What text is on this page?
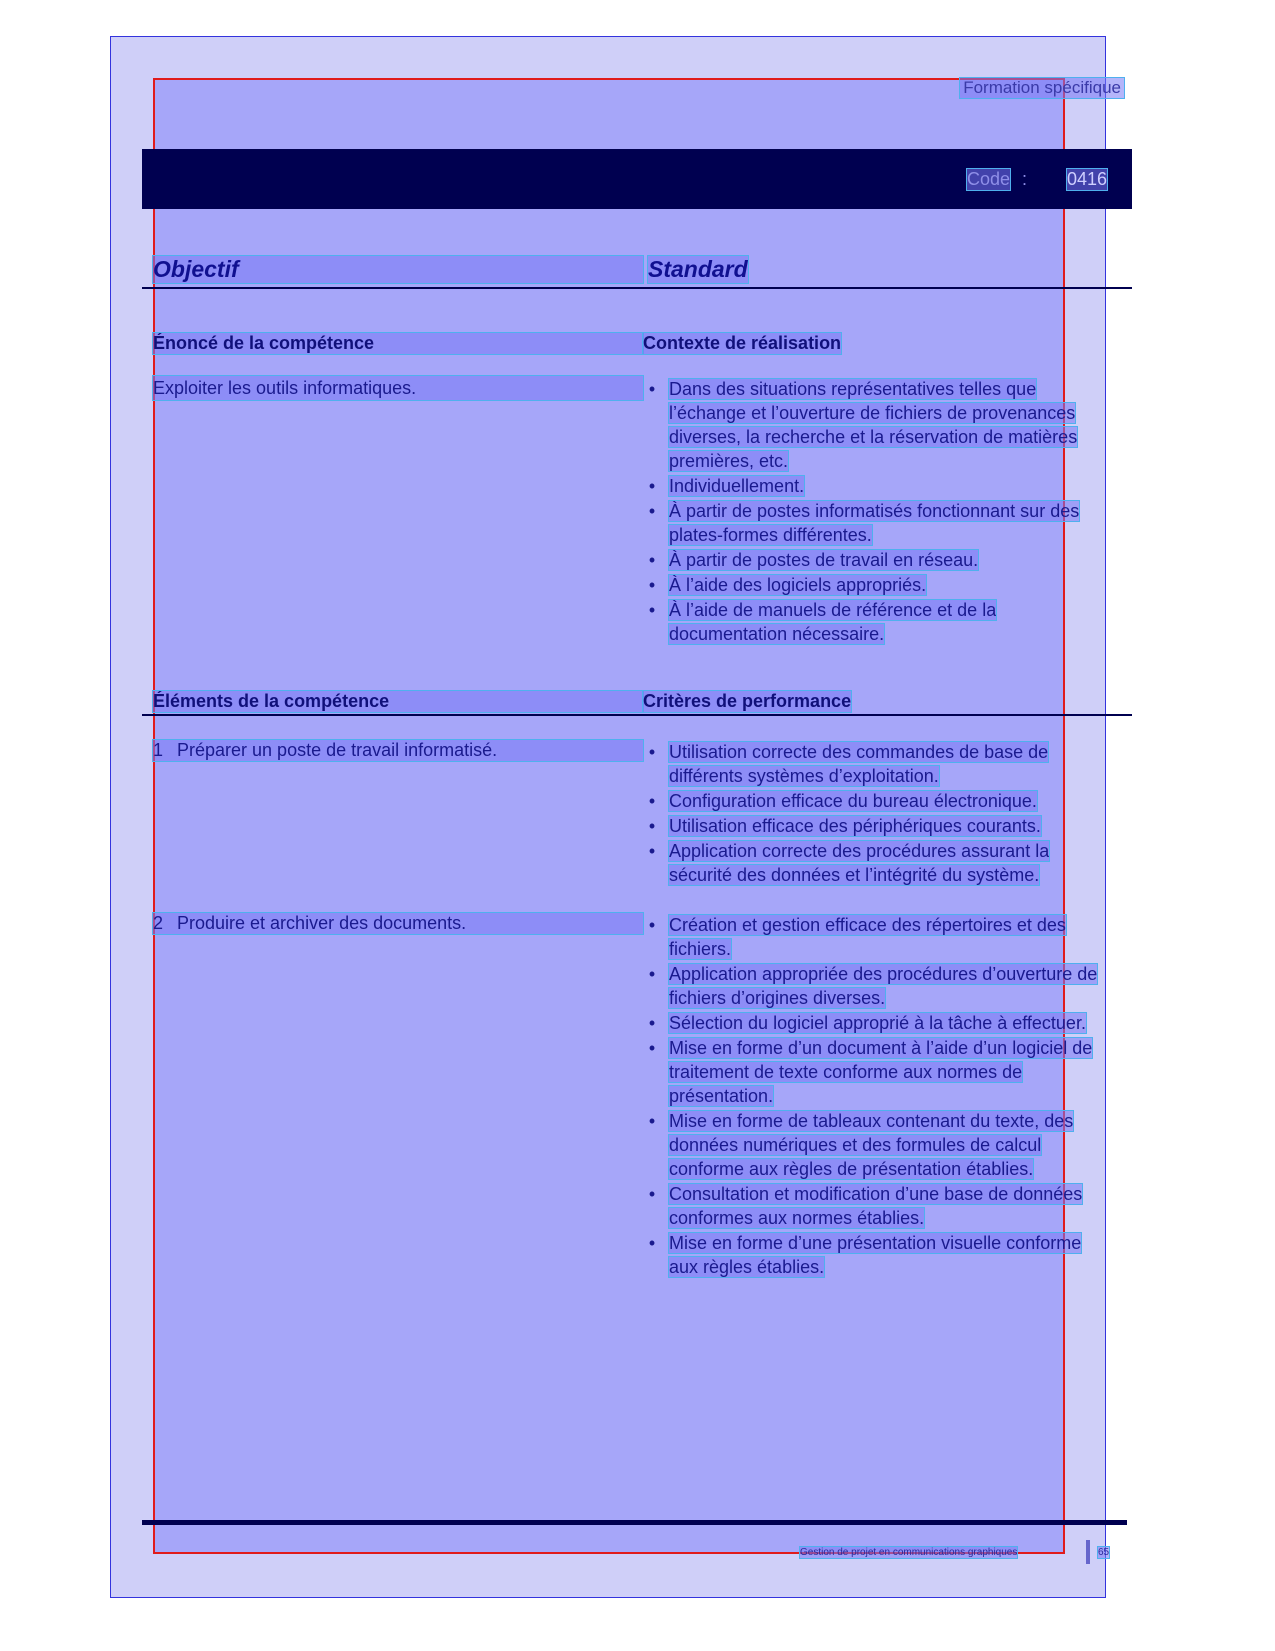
Formation spécifique
Code : 0416
Objectif	Standard
Énoncé de la compétence	Contexte de réalisation
Exploiter les outils informatiques.	• Dans des situations représentatives telles que l’échange et l’ouverture de fichiers de provenances diverses, la recherche et la réservation de matières premières, etc.
• Individuellement.
• À partir de postes informatisés fonctionnant sur des plates-formes différentes.
• À partir de postes de travail en réseau.
• À l’aide des logiciels appropriés.
• À l’aide de manuels de référence et de la documentation nécessaire.
Éléments de la compétence	Critères de performance
1 Préparer un poste de travail informatisé.	• Utilisation correcte des commandes de base de différents systèmes d’exploitation.
• Configuration efficace du bureau électronique.
• Utilisation efficace des périphériques courants.
• Application correcte des procédures assurant la sécurité des données et l’intégrité du système.
2 Produire et archiver des documents.	• Création et gestion efficace des répertoires et des fichiers.
• Application appropriée des procédures d’ouverture de fichiers d’origines diverses.
• Sélection du logiciel approprié à la tâche à effectuer.
• Mise en forme d’un document à l’aide d’un logiciel de traitement de texte conforme aux normes de présentation.
• Mise en forme de tableaux contenant du texte, des données numériques et des formules de calcul conforme aux règles de présentation établies.
• Consultation et modification d’une base de données conformes aux normes établies.
• Mise en forme d’une présentation visuelle conforme aux règles établies.
Gestion de projet en communications graphiques	65
